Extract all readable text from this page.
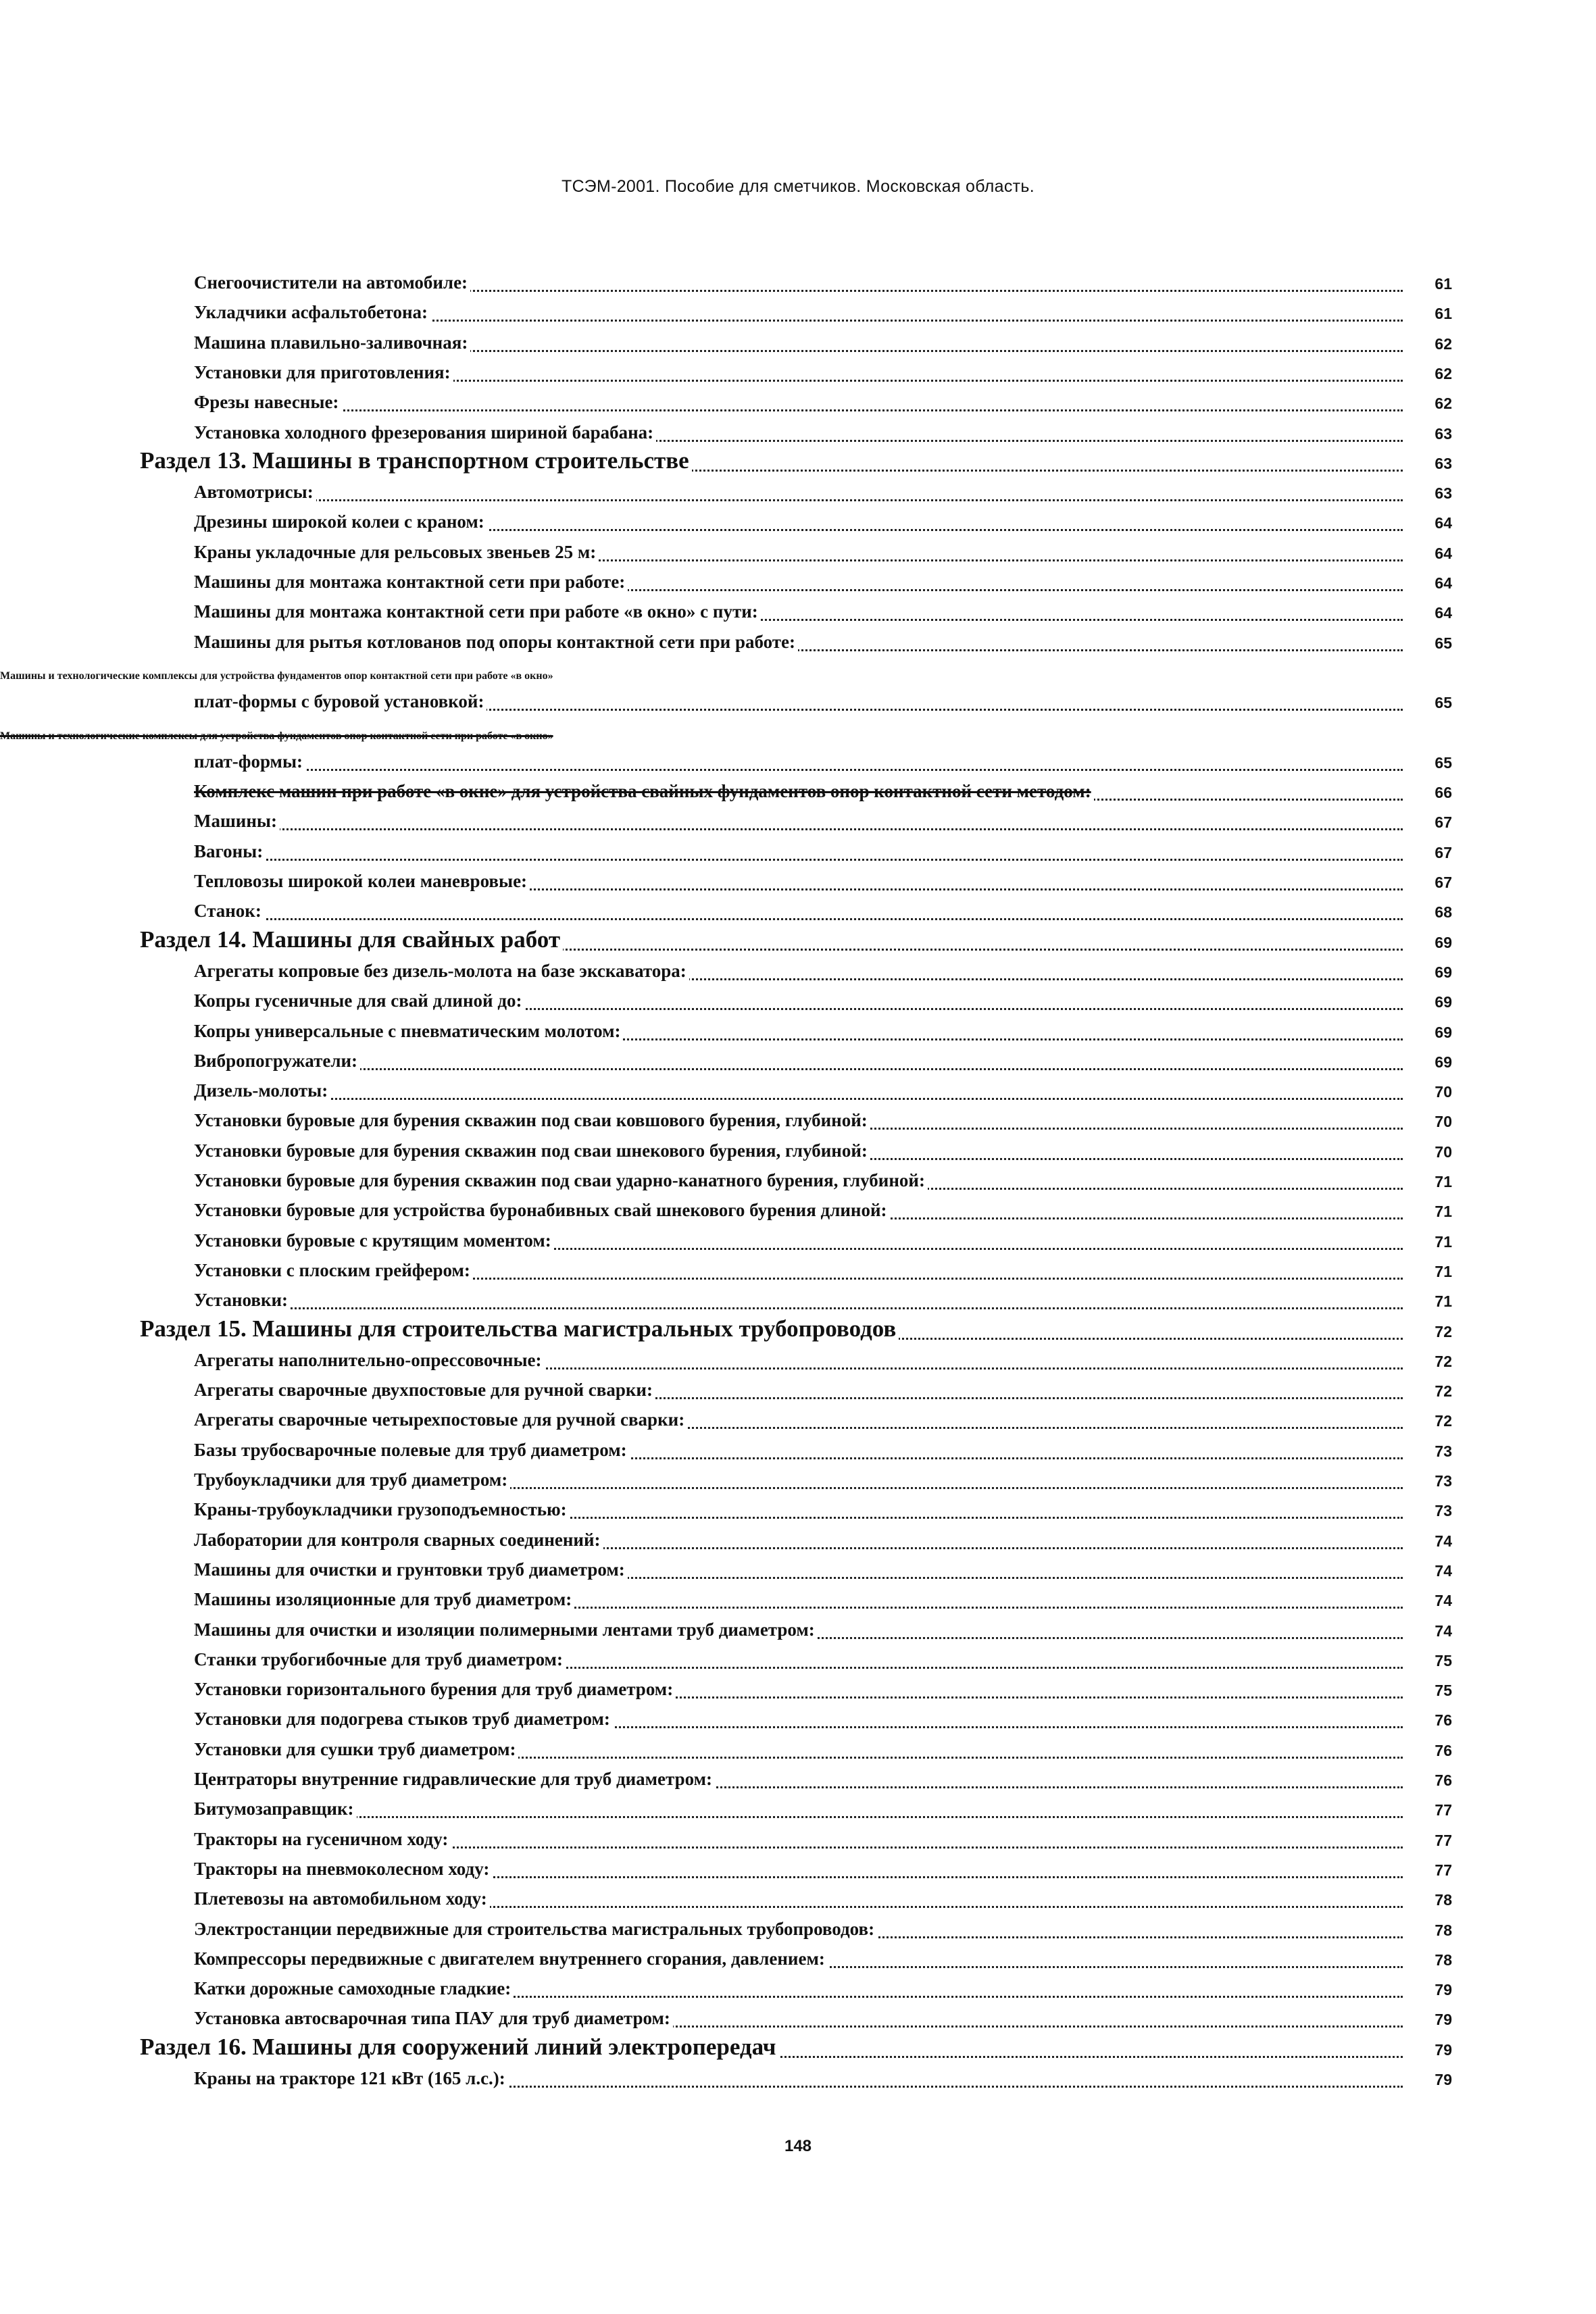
ТСЭМ-2001. Пособие для сметчиков. Московская область.
Снегоочистители на автомобиле:	61
Укладчики асфальтобетона:	61
Машина плавильно-заливочная:	62
Установки для приготовления:	62
Фрезы навесные:	62
Установка холодного фрезерования шириной барабана:	63
Раздел 13. Машины в транспортном строительстве	63
Автомотрисы:	63
Дрезины широкой колеи с краном:	64
Краны укладочные для рельсовых звеньев 25 м:	64
Машины для монтажа контактной сети при работе:	64
Машины для монтажа контактной сети при работе «в окно» с пути:	64
Машины для рытья котлованов под опоры контактной сети при работе:	65
Машины и технологические комплексы для устройства фундаментов опор контактной сети при работе «в окно»
плат-формы с буровой установкой:	65
Машины и технологические комплексы для устройства фундаментов опор контактной сети при работе «в окно»
плат-формы:	65
Комплекс машин при работе «в окне» для устройства свайных фундаментов опор контактной сети методом:	66
Машины:	67
Вагоны:	67
Тепловозы широкой колеи маневровые:	67
Станок:	68
Раздел 14. Машины для свайных работ	69
Агрегаты копровые без дизель-молота на базе экскаватора:	69
Копры гусеничные для свай длиной до:	69
Копры универсальные с пневматическим молотом:	69
Вибропогружатели:	69
Дизель-молоты:	70
Установки буровые для бурения скважин под сваи ковшового бурения, глубиной:	70
Установки буровые для бурения скважин под сваи шнекового бурения, глубиной:	70
Установки буровые для бурения скважин под сваи ударно-канатного бурения, глубиной:	71
Установки буровые для устройства буронабивных свай шнекового бурения длиной:	71
Установки буровые с крутящим моментом:	71
Установки с плоским грейфером:	71
Установки:	71
Раздел 15. Машины для строительства магистральных трубопроводов	72
Агрегаты наполнительно-опрессовочные:	72
Агрегаты сварочные двухпостовые для ручной сварки:	72
Агрегаты сварочные четырехпостовые для ручной сварки:	72
Базы трубосварочные полевые для труб диаметром:	73
Трубоукладчики для труб диаметром:	73
Краны-трубоукладчики грузоподъемностью:	73
Лаборатории для контроля сварных соединений:	74
Машины для очистки и грунтовки труб диаметром:	74
Машины изоляционные для труб диаметром:	74
Машины для очистки и изоляции полимерными лентами труб диаметром:	74
Станки трубогибочные для труб диаметром:	75
Установки горизонтального бурения для труб диаметром:	75
Установки для подогрева стыков труб диаметром:	76
Установки для сушки труб диаметром:	76
Центраторы внутренние гидравлические для труб диаметром:	76
Битумозаправщик:	77
Тракторы на гусеничном ходу:	77
Тракторы на пневмоколесном ходу:	77
Плетевозы на автомобильном ходу:	78
Электростанции передвижные для строительства магистральных трубопроводов:	78
Компрессоры передвижные с двигателем внутреннего сгорания, давлением:	78
Катки дорожные самоходные гладкие:	79
Установка автосварочная типа ПАУ для труб диаметром:	79
Раздел 16. Машины для сооружений линий электропередач	79
Краны на тракторе 121 кВт (165 л.с.):	79
148
